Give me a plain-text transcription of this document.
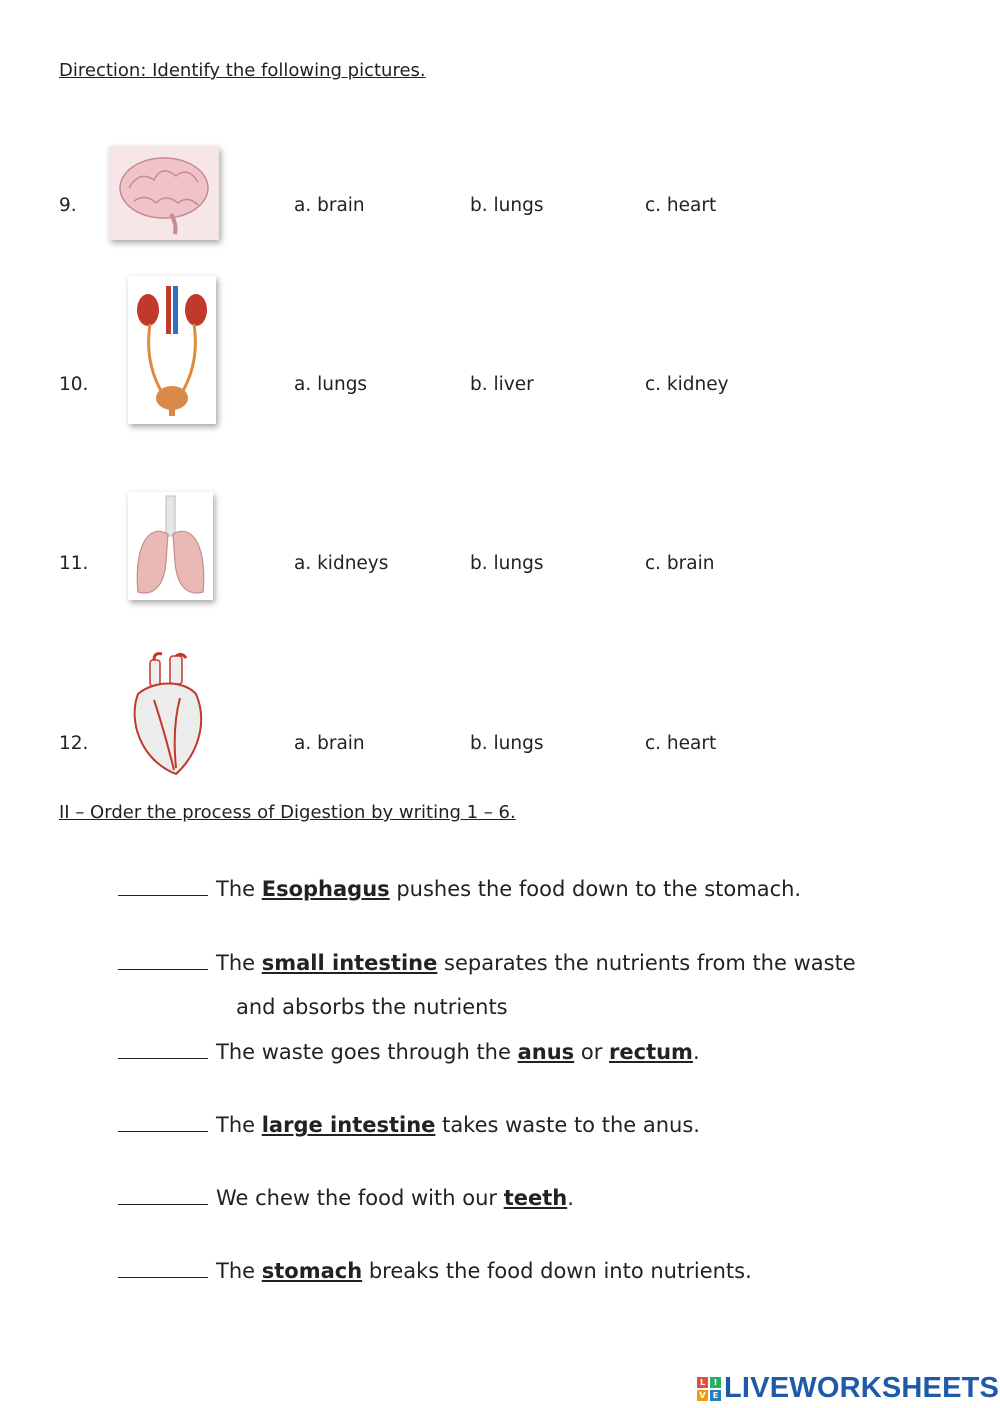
Direction: Identify the following pictures.
9.	a. brain	b. lungs	c. heart
10.	a. lungs	b. liver	c. kidney
11.	a. kidneys	b. lungs	c. brain
12.	a. brain	b. lungs	c. heart
II – Order the process of Digestion by writing 1 – 6.
The Esophagus pushes the food down to the stomach.
The small intestine separates the nutrients from the waste
and absorbs the nutrients
The waste goes through the anus or rectum.
The large intestine takes waste to the anus.
We chew the food with our teeth.
The stomach breaks the food down into nutrients.
L	I
V E LIVEWORKSHEETS
